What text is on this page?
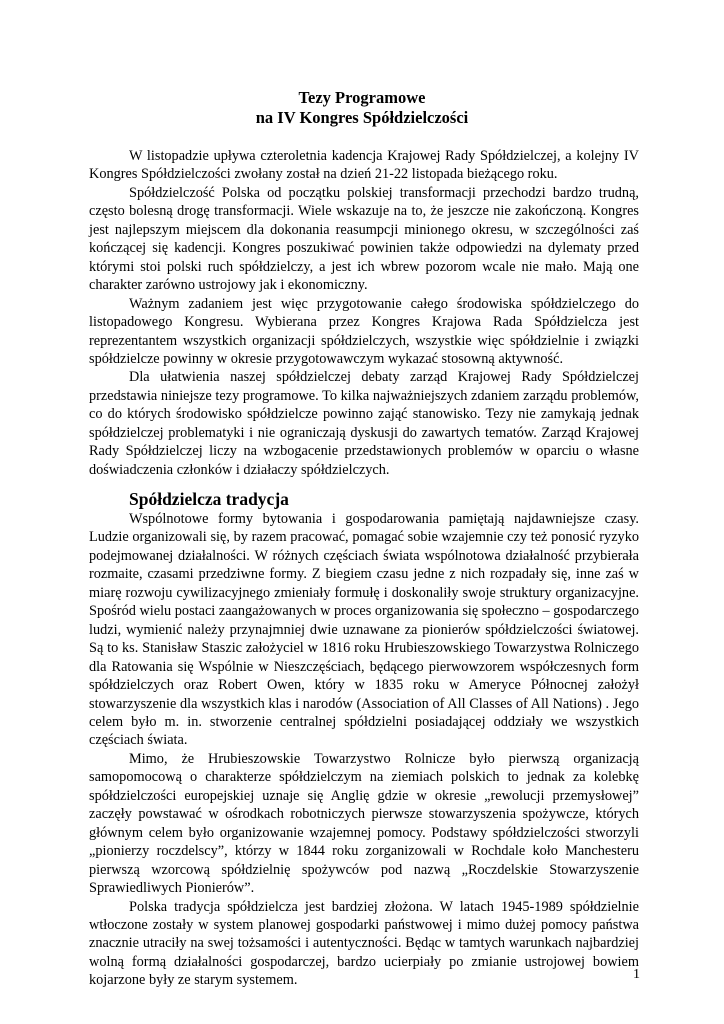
Tezy Programowe
na IV Kongres Spółdzielczości

W listopadzie upływa czteroletnia kadencja Krajowej Rady Spółdzielczej, a kolejny IV Kongres Spółdzielczości zwołany został na dzień 21-22 listopada bieżącego roku.

Spółdzielczość Polska od początku polskiej transformacji przechodzi bardzo trudną, często bolesną drogę transformacji. Wiele wskazuje na to, że jeszcze nie zakończoną. Kongres jest najlepszym miejscem dla dokonania reasumpcji minionego okresu, w szczególności zaś kończącej się kadencji. Kongres poszukiwać powinien także odpowiedzi na dylematy przed którymi stoi polski ruch spółdzielczy, a jest ich wbrew pozorom wcale nie mało. Mają one charakter zarówno ustrojowy jak i ekonomiczny.

Ważnym zadaniem jest więc przygotowanie całego środowiska spółdzielczego do listopadowego Kongresu. Wybierana przez Kongres Krajowa Rada Spółdzielcza jest reprezentantem wszystkich organizacji spółdzielczych, wszystkie więc spółdzielnie i związki spółdzielcze powinny w okresie przygotowawczym wykazać stosowną aktywność.

Dla ułatwienia naszej spółdzielczej debaty zarząd Krajowej Rady Spółdzielczej przedstawia niniejsze tezy programowe. To kilka najważniejszych zdaniem zarządu problemów, co do których środowisko spółdzielcze powinno zająć stanowisko. Tezy nie zamykają jednak spółdzielczej problematyki i nie ograniczają dyskusji do zawartych tematów. Zarząd Krajowej Rady Spółdzielczej liczy na wzbogacenie przedstawionych problemów w oparciu o własne doświadczenia członków i działaczy spółdzielczych.

Spółdzielcza tradycja

Wspólnotowe formy bytowania i gospodarowania pamiętają najdawniejsze czasy. Ludzie organizowali się, by razem pracować, pomagać sobie wzajemnie czy też ponosić ryzyko podejmowanej działalności. W różnych częściach świata wspólnotowa działalność przybierała rozmaite, czasami przedziwne formy. Z biegiem czasu jedne z nich rozpadały się, inne zaś w miarę rozwoju cywilizacyjnego zmieniały formułę i doskonaliły swoje struktury organizacyjne. Spośród wielu postaci zaangażowanych w proces organizowania się społeczno – gospodarczego ludzi, wymienić należy przynajmniej dwie uznawane za pionierów spółdzielczości światowej. Są to ks. Stanisław Staszic założyciel w 1816 roku Hrubieszowskiego Towarzystwa Rolniczego dla Ratowania się Wspólnie w Nieszczęściach, będącego pierwowzorem współczesnych form spółdzielczych oraz Robert Owen, który w 1835 roku w Ameryce Północnej założył stowarzyszenie dla wszystkich klas i narodów (Association of All Classes of All Nations) . Jego celem było m. in. stworzenie centralnej spółdzielni posiadającej oddziały we wszystkich częściach świata.

Mimo, że Hrubieszowskie Towarzystwo Rolnicze było pierwszą organizacją samopomocową o charakterze spółdzielczym na ziemiach polskich to jednak za kolebkę spółdzielczości europejskiej uznaje się Anglię gdzie w okresie „rewolucji przemysłowej” zaczęły powstawać w ośrodkach robotniczych pierwsze stowarzyszenia spożywcze, których głównym celem było organizowanie wzajemnej pomocy. Podstawy spółdzielczości stworzyli „pionierzy roczdelscy”, którzy w 1844 roku zorganizowali w Rochdale koło Manchesteru pierwszą wzorcową spółdzielnię spożywców pod nazwą „Roczdelskie Stowarzyszenie Sprawiedliwych Pionierów”.

Polska tradycja spółdzielcza jest bardziej złożona. W latach 1945-1989 spółdzielnie wtłoczone zostały w system planowej gospodarki państwowej i mimo dużej pomocy państwa znacznie utraciły na swej tożsamości i autentyczności. Będąc w tamtych warunkach najbardziej wolną formą działalności gospodarczej, bardzo ucierpiały po zmianie ustrojowej bowiem kojarzone były ze starym systemem.	1
